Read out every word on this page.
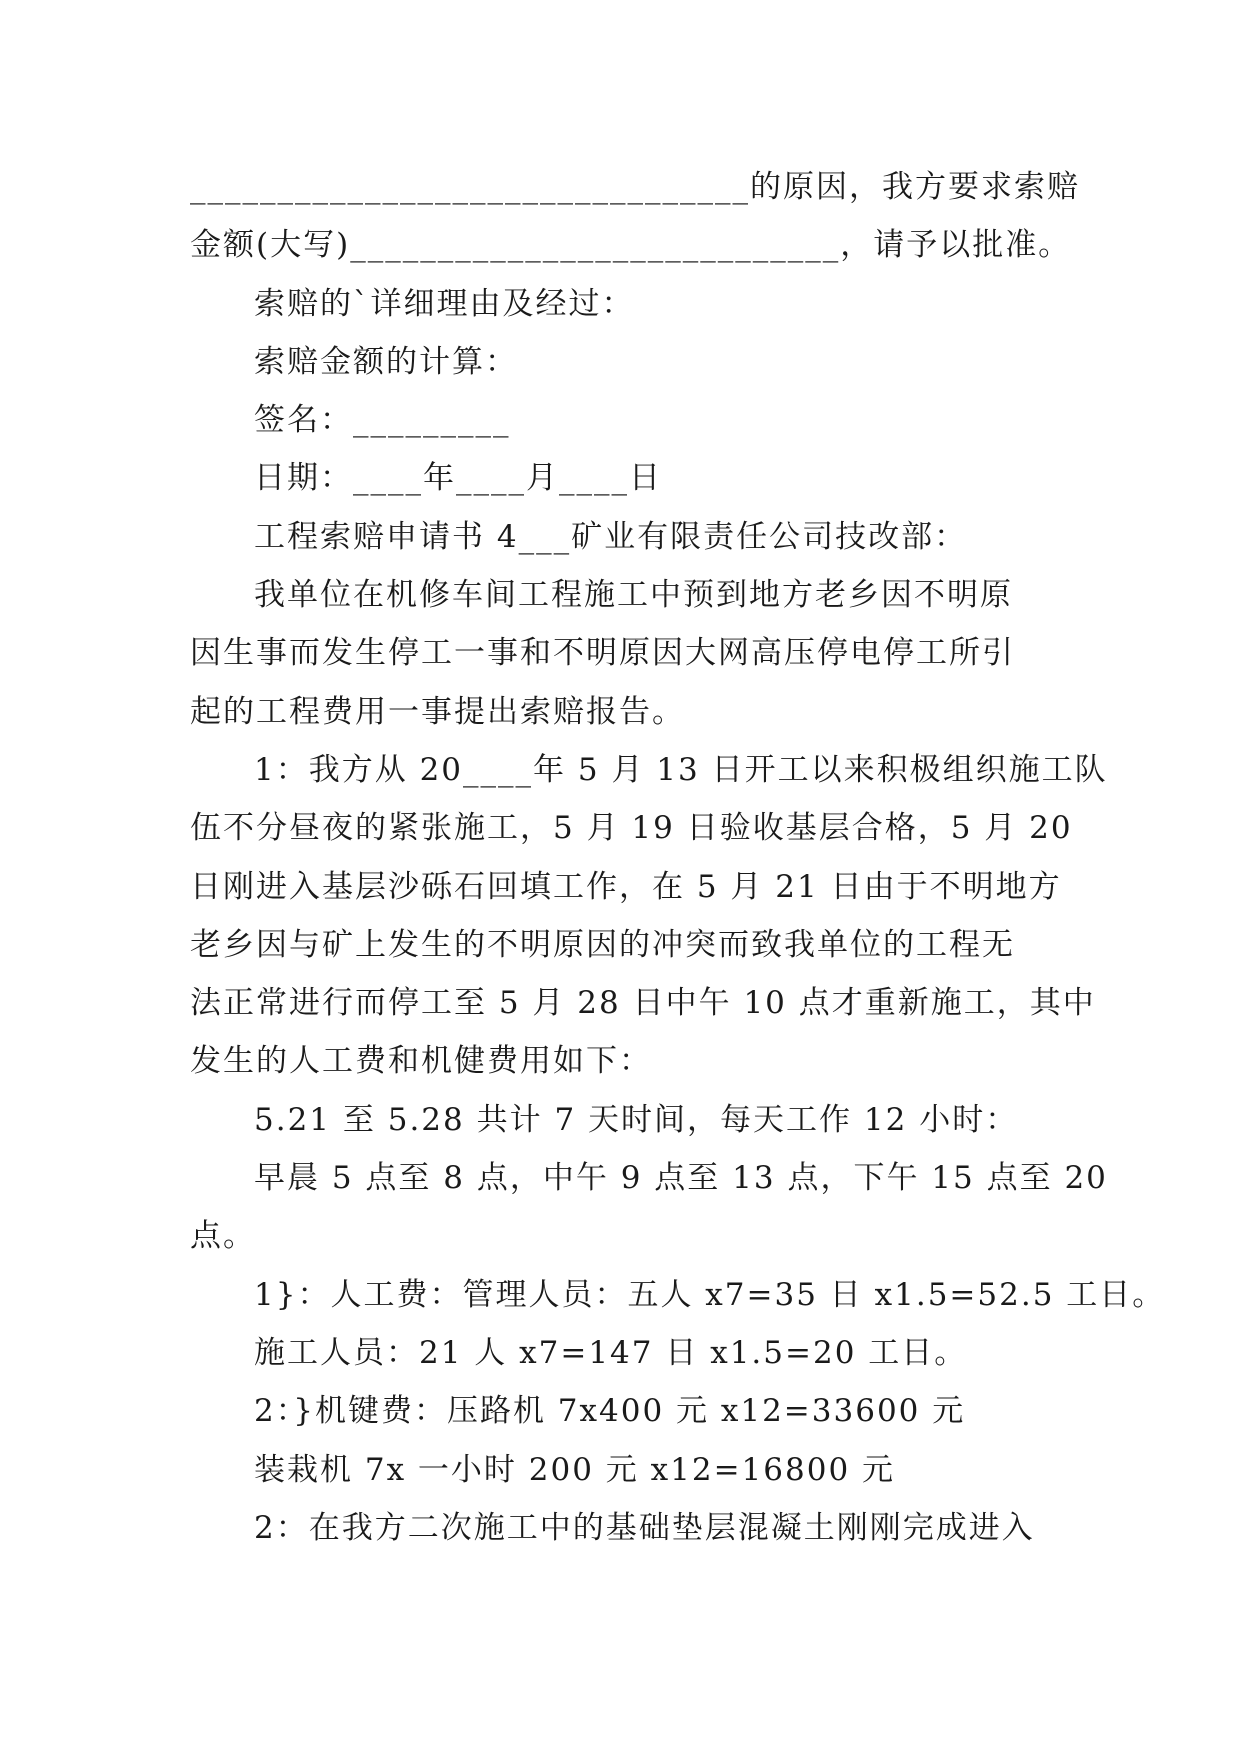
________________________________的原因，我方要求索赔
金额(大写)____________________________，请予以批准。
索赔的`详细理由及经过：
索赔金额的计算：
签名：_________
日期：____年____月____日
工程索赔申请书 4___矿业有限责任公司技改部：
我单位在机修车间工程施工中预到地方老乡因不明原
因生事而发生停工一事和不明原因大网高压停电停工所引
起的工程费用一事提出索赔报告。
1：我方从 20____年 5 月 13 日开工以来积极组织施工队
伍不分昼夜的紧张施工，5 月 19 日验收基层合格，5 月 20
日刚进入基层沙砾石回填工作，在 5 月 21 日由于不明地方
老乡因与矿上发生的不明原因的冲突而致我单位的工程无
法正常进行而停工至 5 月 28 日中午 10 点才重新施工，其中
发生的人工费和机健费用如下：
5.21 至 5.28 共计 7 天时间，每天工作 12 小时：
早晨 5 点至 8 点，中午 9 点至 13 点，下午 15 点至 20
点。
1}：人工费：管理人员：五人 x7=35 日 x1.5=52.5 工日。
施工人员：21 人 x7=147 日 x1.5=20 工日。
2：}机键费：压路机 7x400 元 x12=33600 元
装栽机 7x 一小时 200 元 x12=16800 元
2：在我方二次施工中的基础垫层混凝土刚刚完成进入
